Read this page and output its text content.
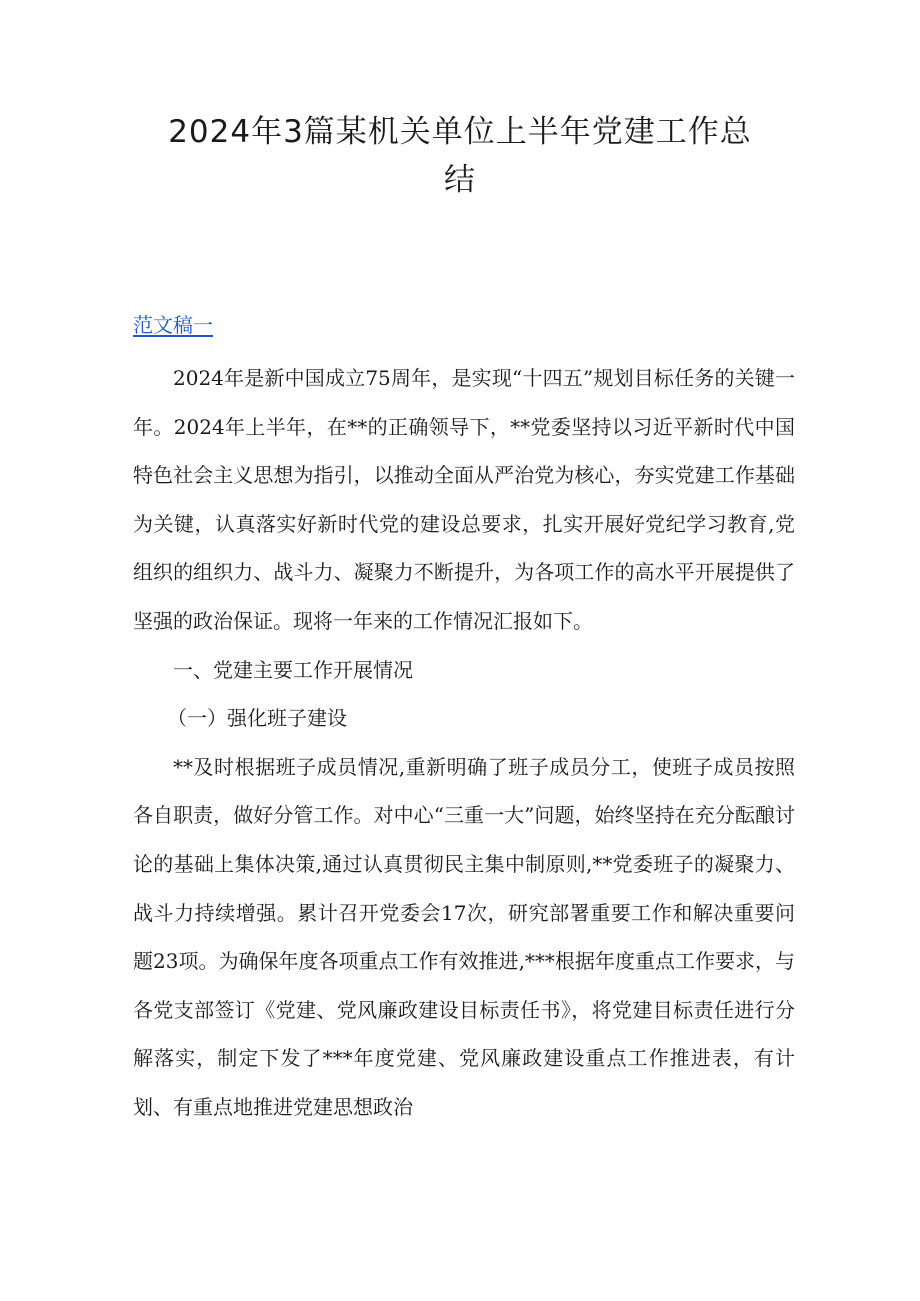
2024年3篇某机关单位上半年党建工作总
结
范文稿一

2024年是新中国成立75周年，是实现“十四五”规划目标任务的关键一年。2024年上半年，在**的正确领导下，**党委坚持以习近平新时代中国特色社会主义思想为指引，以推动全面从严治党为核心，夯实党建工作基础为关键，认真落实好新时代党的建设总要求，扎实开展好党纪学习教育,党组织的组织力、战斗力、凝聚力不断提升，为各项工作的高水平开展提供了坚强的政治保证。现将一年来的工作情况汇报如下。

一、党建主要工作开展情况

（一）强化班子建设

**及时根据班子成员情况,重新明确了班子成员分工，使班子成员按照各自职责，做好分管工作。对中心“三重一大”问题，始终坚持在充分酝酿讨论的基础上集体决策,通过认真贯彻民主集中制原则,**党委班子的凝聚力、战斗力持续增强。累计召开党委会17次，研究部署重要工作和解决重要问题23项。为确保年度各项重点工作有效推进,***根据年度重点工作要求，与各党支部签订《党建、党风廉政建设目标责任书》，将党建目标责任进行分解落实，制定下发了***年度党建、党风廉政建设重点工作推进表，有计划、有重点地推进党建思想政治
